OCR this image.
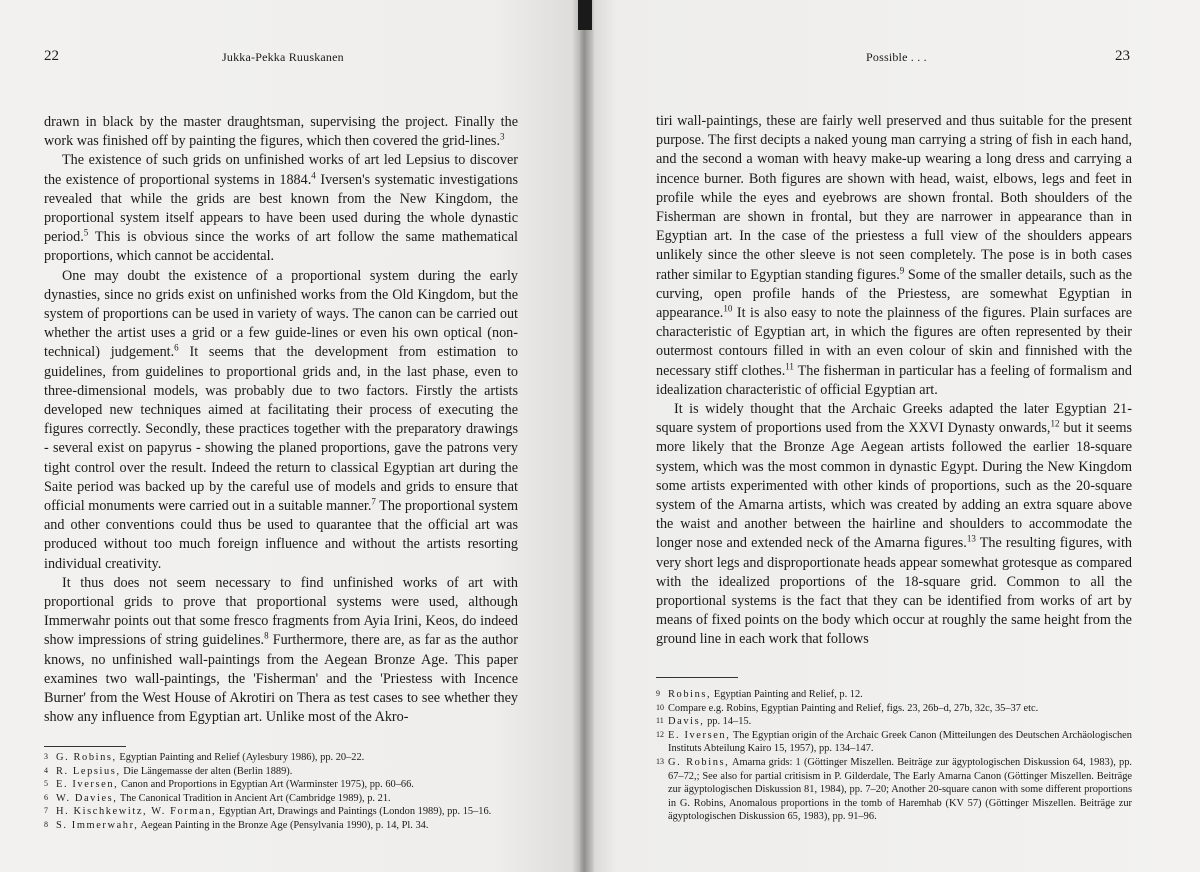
22	Jukka-Pekka Ruuskanen

drawn in black by the master draughtsman, supervising the project. Finally the work was finished off by painting the figures, which then covered the grid-lines.$^3$

The existence of such grids on unfinished works of art led Lepsius to discover the existence of proportional systems in 1884.$^4$ Iversen's systematic investigations revealed that while the grids are best known from the New Kingdom, the proportional system itself appears to have been used during the whole dynastic period.$^5$ This is obvious since the works of art follow the same mathematical proportions, which cannot be accidental.

One may doubt the existence of a proportional system during the early dynasties, since no grids exist on unfinished works from the Old Kingdom, but the system of proportions can be used in variety of ways. The canon can be carried out whether the artist uses a grid or a few guide-lines or even his own optical (non-technical) judgement.$^6$ It seems that the development from estimation to guidelines, from guidelines to proportional grids and, in the last phase, even to three-dimensional models, was probably due to two factors. Firstly the artists developed new techniques aimed at facilitating their process of executing the figures correctly. Secondly, these practices together with the preparatory drawings - several exist on papyrus - showing the planed proportions, gave the patrons very tight control over the result. Indeed the return to classical Egyptian art during the Saite period was backed up by the careful use of models and grids to ensure that official monuments were carried out in a suitable manner.$^7$ The proportional system and other conventions could thus be used to quarantee that the official art was produced without too much foreign influence and without the artists resorting individual creativity.

It thus does not seem necessary to find unfinished works of art with proportional grids to prove that proportional systems were used, although Immerwahr points out that some fresco fragments from Ayia Irini, Keos, do indeed show impressions of string guidelines.$^8$ Furthermore, there are, as far as the author knows, no unfinished wall-paintings from the Aegean Bronze Age. This paper examines two wall-paintings, the 'Fisherman' and the 'Priestess with Incence Burner' from the West House of Akrotiri on Thera as test cases to see whether they show any influence from Egyptian art. Unlike most of the Akro-

3 G. Robins, Egyptian Painting and Relief (Aylesbury 1986), pp. 20–22.
4 R. Lepsius, Die Längemasse der alten (Berlin 1889).
5 E. Iversen, Canon and Proportions in Egyptian Art (Warminster 1975), pp. 60–66.
6 W. Davies, The Canonical Tradition in Ancient Art (Cambridge 1989), p. 21.
7 H. Kischkewitz, W. Forman, Egyptian Art, Drawings and Paintings (London 1989), pp. 15–16.
8 S. Immerwahr, Aegean Painting in the Bronze Age (Pensylvania 1990), p. 14, Pl. 34.
Possible . . .	23

tiri wall-paintings, these are fairly well preserved and thus suitable for the present purpose. The first decipts a naked young man carrying a string of fish in each hand, and the second a woman with heavy make-up wearing a long dress and carrying a incence burner. Both figures are shown with head, waist, elbows, legs and feet in profile while the eyes and eyebrows are shown frontal. Both shoulders of the Fisherman are shown in frontal, but they are narrower in appearance than in Egyptian art. In the case of the priestess a full view of the shoulders appears unlikely since the other sleeve is not seen completely. The pose is in both cases rather similar to Egyptian standing figures.$^9$ Some of the smaller details, such as the curving, open profile hands of the Priestess, are somewhat Egyptian in appearance.$^{10}$ It is also easy to note the plainness of the figures. Plain surfaces are characteristic of Egyptian art, in which the figures are often represented by their outermost contours filled in with an even colour of skin and finnished with the necessary stiff clothes.$^{11}$ The fisherman in particular has a feeling of formalism and idealization characteristic of official Egyptian art.

It is widely thought that the Archaic Greeks adapted the later Egyptian 21-square system of proportions used from the XXVI Dynasty onwards,$^{12}$ but it seems more likely that the Bronze Age Aegean artists followed the earlier 18-square system, which was the most common in dynastic Egypt. During the New Kingdom some artists experimented with other kinds of proportions, such as the 20-square system of the Amarna artists, which was created by adding an extra square above the waist and another between the hairline and shoulders to accommodate the longer nose and extended neck of the Amarna figures.$^{13}$ The resulting figures, with very short legs and disproportionate heads appear somewhat grotesque as compared with the idealized proportions of the 18-square grid. Common to all the proportional systems is the fact that they can be identified from works of art by means of fixed points on the body which occur at roughly the same height from the ground line in each work that follows

9 Robins, Egyptian Painting and Relief, p. 12.
10 Compare e.g. Robins, Egyptian Painting and Relief, figs. 23, 26b–d, 27b, 32c, 35–37 etc.
11 Davis, pp. 14–15.
12 E. Iversen, The Egyptian origin of the Archaic Greek Canon (Mitteilungen des Deutschen Archäologischen Instituts Abteilung Kairo 15, 1957), pp. 134–147.
13 G. Robins, Amarna grids: 1 (Göttinger Miszellen. Beiträge zur ägyptologischen Diskussion 64, 1983), pp. 67–72,; See also for partial critisism in P. Gilderdale, The Early Amarna Canon (Göttinger Miszellen. Beiträge zur ägyptologischen Diskussion 81, 1984), pp. 7–20; Another 20-square canon with some different proportions in G. Robins, Anomalous proportions in the tomb of Haremhab (KV 57) (Göttinger Miszellen. Beiträge zur ägyptologischen Diskussion 65, 1983), pp. 91–96.
